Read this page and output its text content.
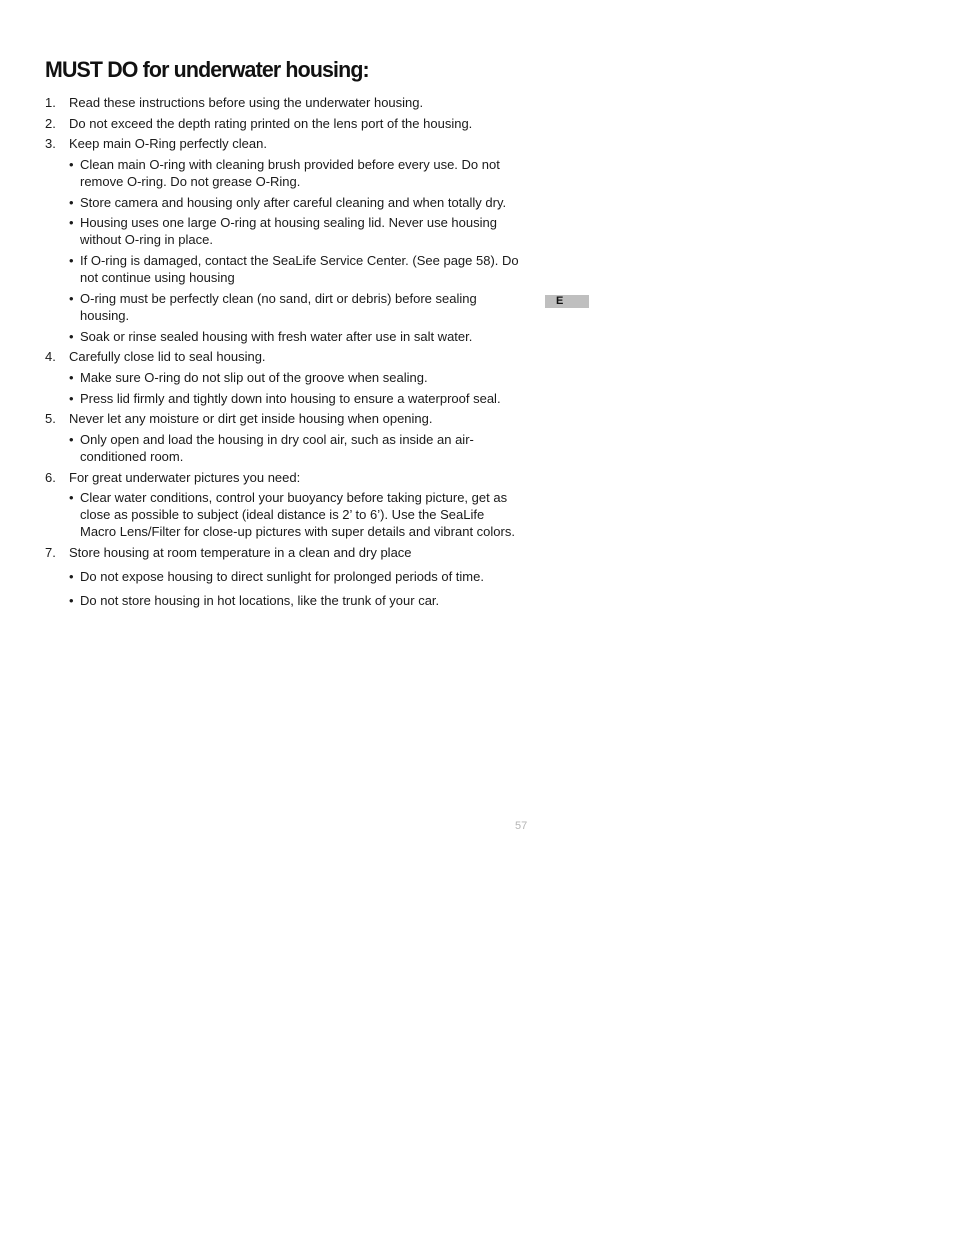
MUST DO for underwater housing:
1.	Read these instructions before using the underwater housing.
2.	Do not exceed the depth rating printed on the lens port of the housing.
3.	Keep main O-Ring perfectly clean.
• Clean main O-ring with cleaning brush provided before every use. Do not remove O-ring. Do not grease O-Ring.
• Store camera and housing only after careful cleaning and when totally dry.
• Housing uses one large O-ring at housing sealing lid. Never use housing without O-ring in place.
• If O-ring is damaged, contact the SeaLife Service Center. (See page 58). Do not continue using housing
• O-ring must be perfectly clean (no sand, dirt or debris) before sealing housing.
• Soak or rinse sealed housing with fresh water after use in salt water.
4.	Carefully close lid to seal housing.
• Make sure O-ring do not slip out of the groove when sealing.
• Press lid firmly and tightly down into housing to ensure a waterproof seal.
5.	Never let any moisture or dirt get inside housing when opening.
• Only open and load the housing in dry cool air, such as inside an air-conditioned room.
6.	For great underwater pictures you need:
• Clear water conditions, control your buoyancy before taking picture, get as close as possible to subject (ideal distance is 2’ to 6’). Use the SeaLife Macro Lens/Filter for close-up pictures with super details and vibrant colors.
7.	Store housing at room temperature in a clean and dry place
• Do not expose housing to direct sunlight for prolonged periods of time.
• Do not store housing in hot locations, like the trunk of your car.
E
57
